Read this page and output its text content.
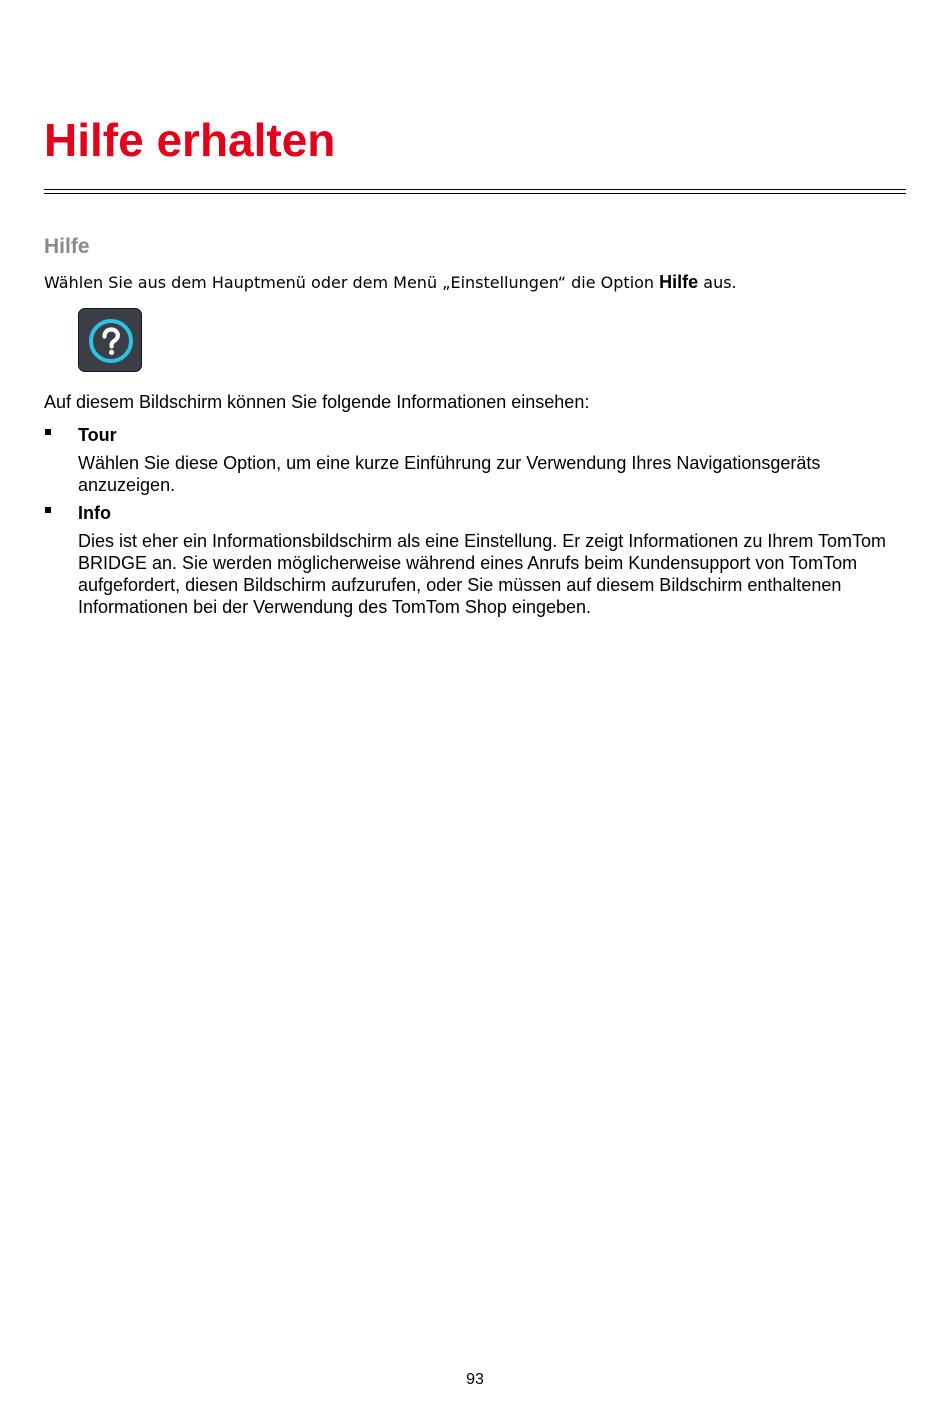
Hilfe erhalten
Hilfe

Wählen Sie aus dem Hauptmenü oder dem Menü „Einstellungen“ die Option Hilfe aus.

Auf diesem Bildschirm können Sie folgende Informationen einsehen:

Tour
Wählen Sie diese Option, um eine kurze Einführung zur Verwendung Ihres Navigationsgeräts anzuzeigen.
Info
Dies ist eher ein Informationsbildschirm als eine Einstellung. Er zeigt Informationen zu Ihrem TomTom BRIDGE an. Sie werden möglicherweise während eines Anrufs beim Kundensupport von TomTom aufgefordert, diesen Bildschirm aufzurufen, oder Sie müssen auf diesem Bildschirm enthaltenen Informationen bei der Verwendung des TomTom Shop eingeben.
93
